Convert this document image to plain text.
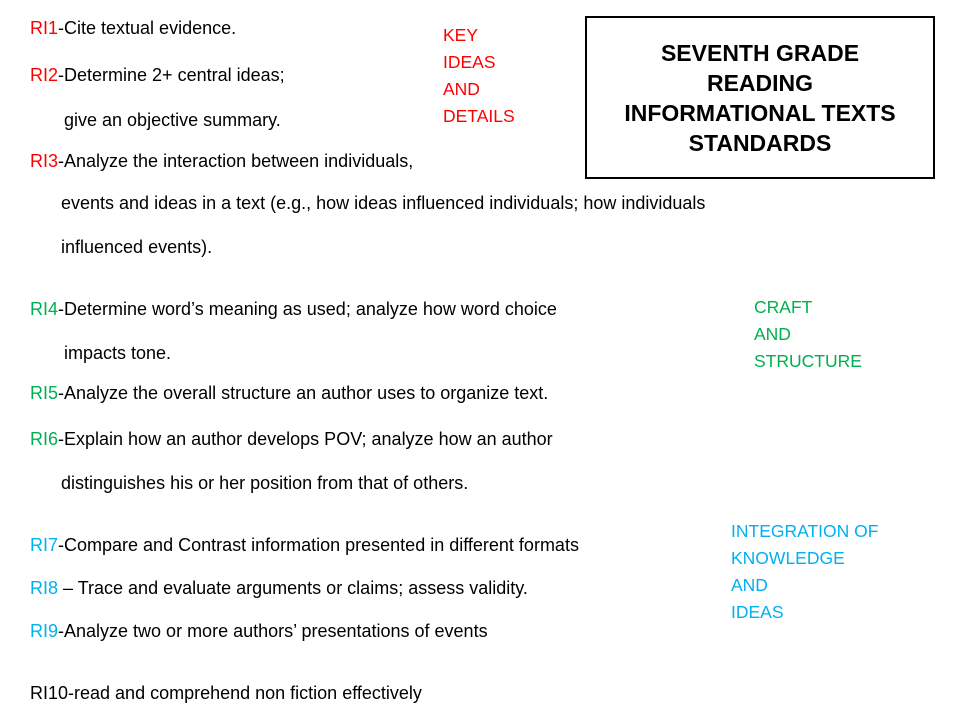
SEVENTH GRADE
READING
INFORMATIONAL TEXTS
STANDARDS
KEY
IDEAS
AND
DETAILS
CRAFT
AND
STRUCTURE
INTEGRATION OF
KNOWLEDGE
AND
IDEAS
RI1-Cite textual evidence.
RI2-Determine 2+ central ideas;
give an objective summary.
RI3-Analyze the interaction between individuals,
events and ideas in a text (e.g., how ideas influenced individuals; how individuals
influenced events).
RI4-Determine word’s meaning as used; analyze how word choice
impacts tone.
RI5-Analyze the overall structure an author uses to organize text.
RI6-Explain how an author develops POV; analyze how an author
distinguishes his or her position from that of others.
RI7-Compare and Contrast information presented in different formats
RI8 – Trace and evaluate arguments or claims; assess validity.
RI9-Analyze two or more authors’ presentations of events
RI10-read and comprehend non fiction effectively
